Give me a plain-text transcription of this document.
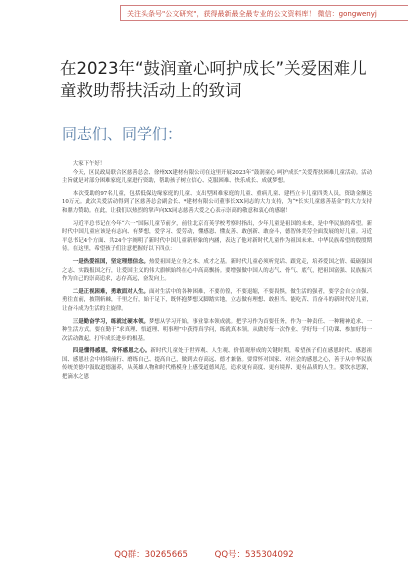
关注头条号"公文研究"，获得最新最全最专业的公文资料库！ 微信：gongwenyj
在2023年“鼓润童心呵护成长”关爱困难儿童救助帮扶活动上的致词
同志们、同学们：

大家下午好！

今天，区民政局联合区慈善总会、徐州XX建材有限公司在这里开展2023年“鼓润童心 呵护成长”关爱帮扶困难儿童活动。活动主旨就是对部分困难家庭儿童进行资助，帮助孩子树立信心、克服困难、快乐成长、成就梦想。

本次受助的97名儿童，包括低保边缘家庭的儿童、支出型困难家庭的儿童、重病儿童、建档立卡儿童四类人员，资助金额达10万元。此次关爱活动得到了区慈善总会副会长、*建材有限公司董事长XX同志的大力支持，为“*长实儿童慈善基金”的大力支持和鼎力赞助。在此，让我们以热烈的掌声向XX同志慈善大爱之心表示崇高的敬意和衷心的感谢！

习近平总书记在今年“六一”国际儿童节前夕，前往北京育英学校考察时指出，少年儿童是祖国的未来，是中华民族的希望。新时代中国儿童应该是有志向、有梦想，爱学习、爱劳动，懂感恩、懂友善、敢创新、敢奋斗，德智体美劳全面发展的好儿童。习近平总书记4个方面、共24个字阐明了新时代中国儿童新形象的内涵，表达了他对新时代儿童作为祖国未来、中华民族希望的殷殷期待。在这里，希望孩子们注意把握好以下四点：

一是热爱祖国，坚定理想信念。热爱祖国是立身之本、成才之基。新时代儿童必须听党话、跟党走，培养爱国之情、砥砺强国之志、实践报国之行，让爱国主义的伟大旗帜始终在心中高高飘扬。要增强做中国人的志气、骨气、底气，把祖国富强、民族振兴作为自己的崇高追求，志存高远，奋发向上。

二是正视困难，勇敢面对人生。面对生活中的各种困难，不要彷徨，不要退缩，不要畏惧，做生活的强者，要学会自立自强、勇往直前，披荆斩棘，千里之行，始于足下，既怀抱梦想又脚踏实地，立志做有理想、敢担当、能吃苦、肯奋斗的新时代好儿童，让奋斗成为生活的主旋律。

三是勤奋学习，练就过硬本领。梦想从学习开始，事业靠本领成就。把学习作为首要任务，作为一种责任、一种精神追求、一种生活方式。要在勤于“求真理、悟道理、明事理”中获得真学问，练就真本领。从做好每一次作业、学好每一门功课、参加好每一次活动做起，打牢成长进步的根基。

四是懂得感恩，常怀感恩之心。新时代儿童处于世界观、人生观、价值观形成的关键时期，希望孩子们在感恩时代、感恩祖国、感恩社会中持续前行、磨练自己、提高自己，做到去存高远、德才兼备。要常怀对国家、对社会的感恩之心，善于从中华民族传统美德中汲取道德滋养，从英雄人物和时代楷模身上感受道德风范，追求更有高度、更有境界、更有品质的人生。要饮水思源，把滴水之恩

QQ群：30265665	QQ号：535304092
